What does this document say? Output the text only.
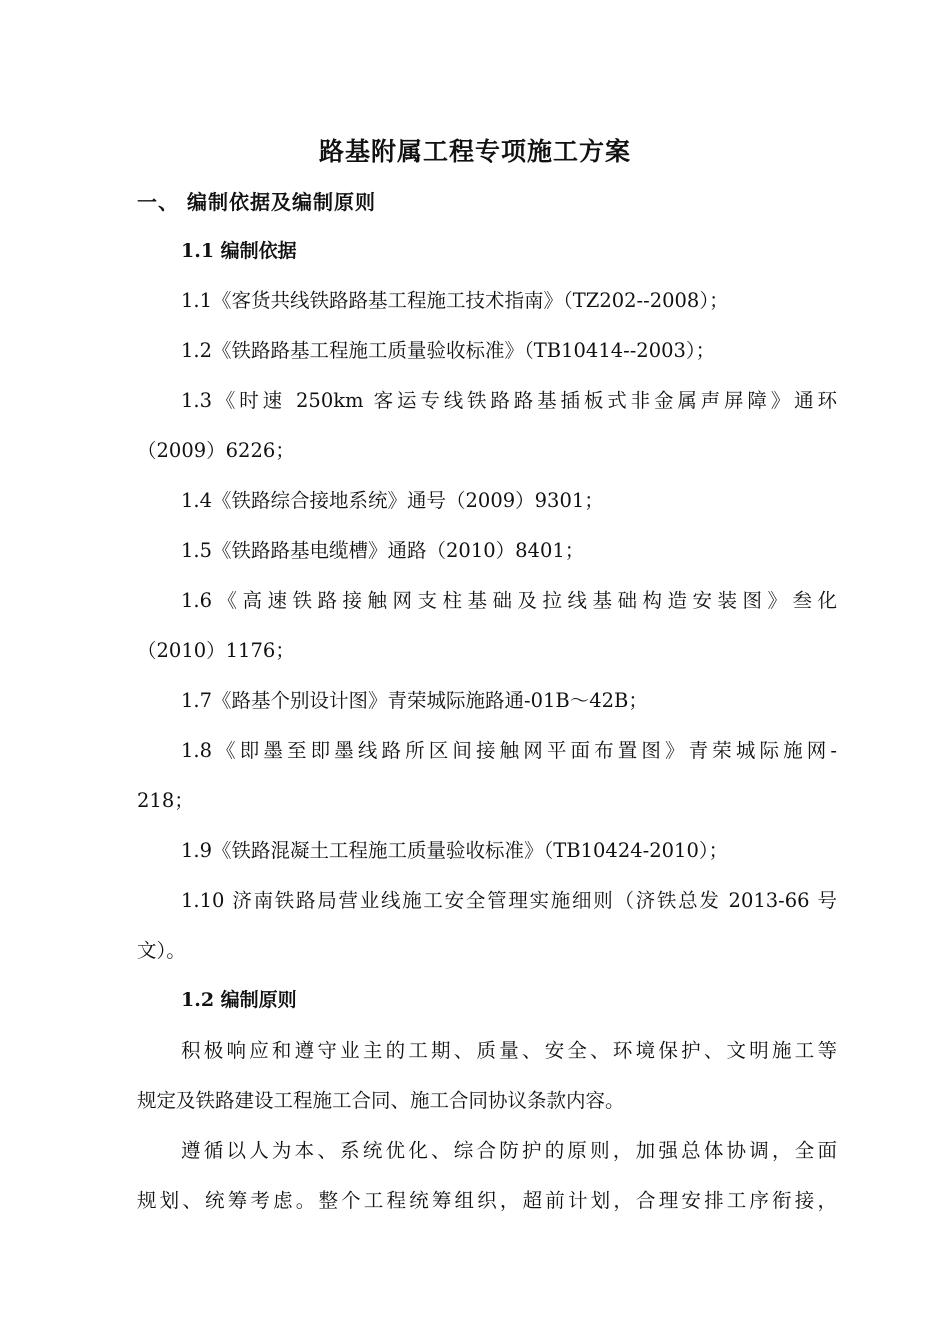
路基附属工程专项施工方案
一、 编制依据及编制原则
1.1 编制依据

1.1《客货共线铁路路基工程施工技术指南》（TZ202--2008）；

1.2《铁路路基工程施工质量验收标准》（TB10414--2003）；

1.3《时速 250km 客运专线铁路路基插板式非金属声屏障》通环

（2009）6226；

1.4《铁路综合接地系统》通号（2009）9301；

1.5《铁路路基电缆槽》通路（2010）8401；

1.6《高速铁路接触网支柱基础及拉线基础构造安装图》叁化

（2010）1176；

1.7《路基个别设计图》青荣城际施路通-01B～42B；

1.8《即墨至即墨线路所区间接触网平面布置图》青荣城际施网-

218；

1.9《铁路混凝土工程施工质量验收标准》（TB10424-2010）；

1.10 济南铁路局营业线施工安全管理实施细则（济铁总发 2013-66 号

文）。

1.2 编制原则

积极响应和遵守业主的工期、质量、安全、环境保护、文明施工等

规定及铁路建设工程施工合同、施工合同协议条款内容。

遵循以人为本、系统优化、综合防护的原则，加强总体协调，全面

规划、统筹考虑。整个工程统筹组织，超前计划，合理安排工序衔接，
